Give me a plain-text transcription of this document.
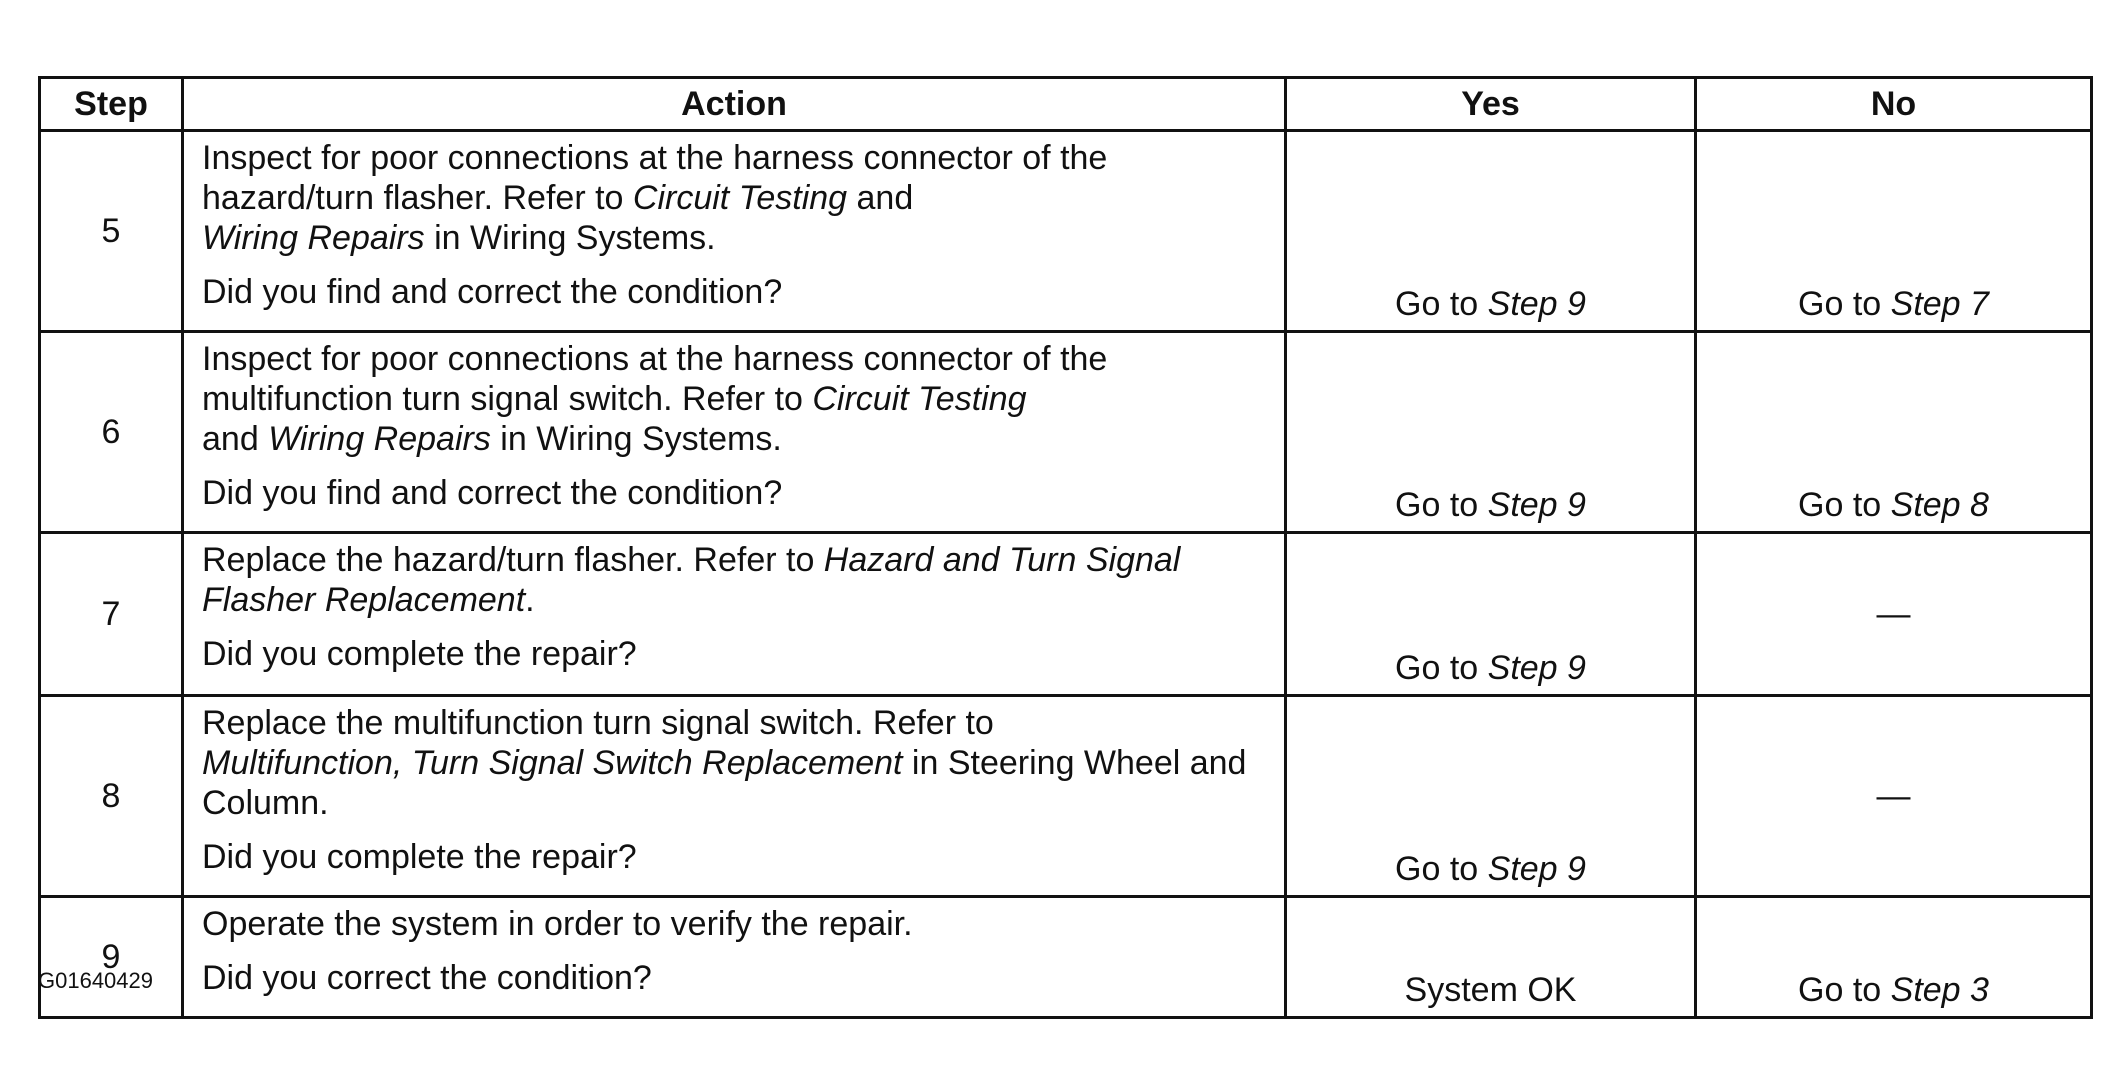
Step	Action	Yes	No
5	Inspect for poor connections at the harness connector of the hazard/turn flasher. Refer to Circuit Testing and
Wiring Repairs in Wiring Systems.
Did you find and correct the condition?	Go to Step 9	Go to Step 7
6	Inspect for poor connections at the harness connector of the multifunction turn signal switch. Refer to Circuit Testing
and Wiring Repairs in Wiring Systems.
Did you find and correct the condition?	Go to Step 9	Go to Step 8
7	Replace the hazard/turn flasher. Refer to Hazard and Turn Signal Flasher Replacement.
Did you complete the repair?	Go to Step 9	—
8	Replace the multifunction turn signal switch. Refer to
Multifunction, Turn Signal Switch Replacement in Steering Wheel and Column.
Did you complete the repair?	Go to Step 9	—
9	Operate the system in order to verify the repair.
Did you correct the condition?	System OK	Go to Step 3
G01640429
